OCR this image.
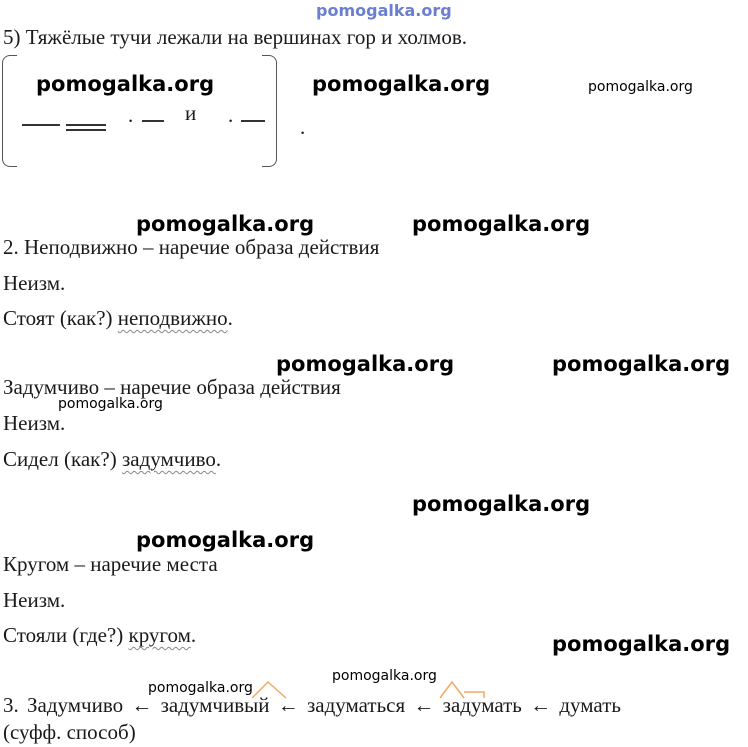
pomogalka.org
5) Тяжёлые тучи лежали на вершинах гор и холмов.
. и .	.
pomogalka.org	pomogalka.org	pomogalka.org
pomogalka.org	pomogalka.org
2. Неподвижно – наречие образа действия
Неизм.
Стоят (как?) неподвижно.
pomogalka.org	pomogalka.org
Задумчиво – наречие образа действия
pomogalka.org
Неизм.
Сидел (как?) задумчиво.
pomogalka.org
pomogalka.org
Кругом – наречие места
Неизм.
Стояли (где?) кругом.	pomogalka.org
pomogalka.org
pomogalka.org
3. Задумчиво ← задумчивый ← задуматься ← задумать ← думать
(суфф. способ)
